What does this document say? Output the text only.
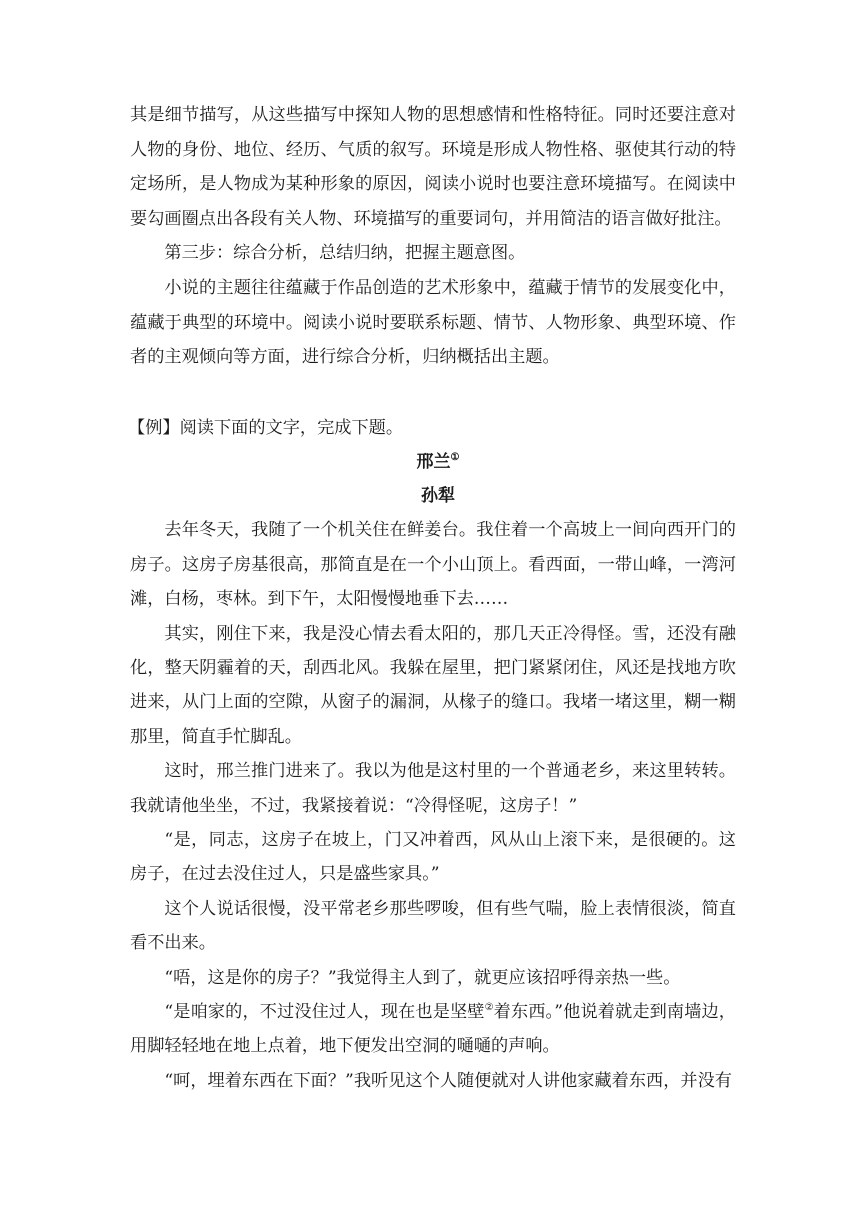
其是细节描写，从这些描写中探知人物的思想感情和性格特征。同时还要注意对人物的身份、地位、经历、气质的叙写。环境是形成人物性格、驱使其行动的特定场所，是人物成为某种形象的原因，阅读小说时也要注意环境描写。在阅读中要勾画圈点出各段有关人物、环境描写的重要词句，并用简洁的语言做好批注。

第三步：综合分析，总结归纳，把握主题意图。

小说的主题往往蕴藏于作品创造的艺术形象中，蕴藏于情节的发展变化中，蕴藏于典型的环境中。阅读小说时要联系标题、情节、人物形象、典型环境、作者的主观倾向等方面，进行综合分析，归纳概括出主题。

【例】阅读下面的文字，完成下题。

邢兰①

孙犁

去年冬天，我随了一个机关住在鲜姜台。我住着一个高坡上一间向西开门的房子。这房子房基很高，那简直是在一个小山顶上。看西面，一带山峰，一湾河滩，白杨，枣林。到下午，太阳慢慢地垂下去……

其实，刚住下来，我是没心情去看太阳的，那几天正冷得怪。雪，还没有融化，整天阴霾着的天，刮西北风。我躲在屋里，把门紧紧闭住，风还是找地方吹进来，从门上面的空隙，从窗子的漏洞，从椽子的缝口。我堵一堵这里，糊一糊那里，简直手忙脚乱。

这时，邢兰推门进来了。我以为他是这村里的一个普通老乡，来这里转转。我就请他坐坐，不过，我紧接着说：“冷得怪呢，这房子！”

“是，同志，这房子在坡上，门又冲着西，风从山上滚下来，是很硬的。这房子，在过去没住过人，只是盛些家具。”

这个人说话很慢，没平常老乡那些啰唆，但有些气喘，脸上表情很淡，简直看不出来。

“唔，这是你的房子？”我觉得主人到了，就更应该招呼得亲热一些。

“是咱家的，不过没住过人，现在也是坚壁②着东西。”他说着就走到南墙边，用脚轻轻地在地上点着，地下便发出空洞的嗵嗵的声响。

“呵，埋着东西在下面？”我听见这个人随便就对人讲他家藏着东西，并没有
